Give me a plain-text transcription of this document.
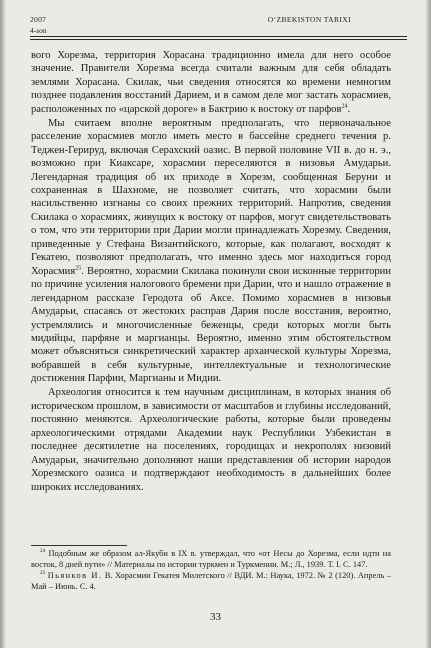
2007
4-son
O‘ZBEKISTON TARIXI

вого Хорезма, территория Хорасана традиционно имела для него особое значение. Правители Хорезма всегда считали важным для себя обладать землями Хорасана. Скилак, чьи сведения относятся ко времени немногим позднее подавления восстаний Дарием, и в самом деле мог застать хорасмиев, расположенных по «царской дороге» в Бактрию к востоку от парфов$^{24}$.

Мы считаем вполне вероятным предполагать, что первоначальное расселение хорасмиев могло иметь место в бассейне среднего течения р. Теджен-Герируд, включая Серахский оазис. В первой половине VII в. до н. э., возможно при Киаксаре, хорасмии переселяются в низовья Амударьи. Легендарная традиция об их приходе в Хорезм, сообщенная Беруни и сохраненная в Шахномe, не позволяет считать, что хорасмии были насильственно изгнаны со своих прежних территорий. Напротив, сведения Скилака о хорасмиях, живущих к востоку от парфов, могут свидетельствовать о том, что эти территории при Дарии могли принадлежать Хорезму. Сведения, приведенные у Стефана Византийского, которые, как полагают, восходят к Гекатею, позволяют предполагать, что именно здесь мог находиться город Хорасмия$^{25}$. Вероятно, хорасмии Скилака покинули свои исконные территории по причине усиления налогового бремени при Дарии, что и нашло отражение в легендарном рассказе Геродота об Аксе. Помимо хорасмиев в низовья Амударьи, спасаясь от жестоких расправ Дария после восстания, вероятно, устремлялись и многочисленные беженцы, среди которых могли быть мидийцы, парфяне и маргианцы. Вероятно, именно этим обстоятельством может объясняться синкретический характер архаической культуры Хорезма, вобравшей в себя культурные, интеллектуальные и технологические достижения Парфии, Маргианы и Мидии.

Археология относится к тем научным дисциплинам, в которых знания об историческом прошлом, в зависимости от масштабов и глубины исследований, постоянно меняются. Археологические работы, которые были проведены археологическими отрядами Академии наук Республики Узбекистан в последнее десятилетие на поселениях, городищах и некрополях низовий Амударьи, значительно дополняют наши представления об истории народов Хорезмского оазиса и подтверждают необходимость в дальнейших более широких исследованиях.

$^{24}$ Подобным же образом ал-Якуби в IX в. утверждал, что «от Несы до Хорезма, если идти на восток, 8 дней пути» // Материалы по истории туркмен и Туркмении. М.; Л., 1939. Т. I. С. 147.

$^{25}$ Пьянков И. В. Хорасмии Гекатея Милетского // ВДИ. М.: Наука, 1972. № 2 (120). Апрель – Май – Июнь. С. 4.

33
